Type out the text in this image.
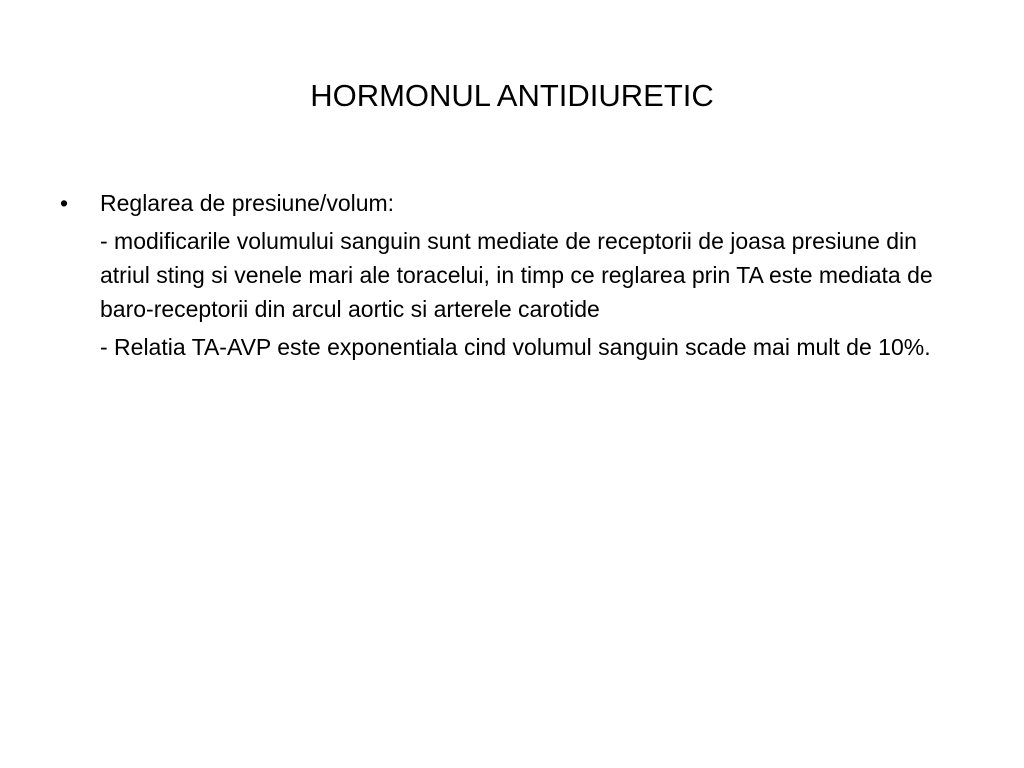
HORMONUL ANTIDIURETIC
•	Reglarea de presiune/volum:

- modificarile volumului sanguin sunt mediate de receptorii de joasa presiune din atriul sting si venele mari ale toracelui, in timp ce reglarea prin TA este mediata de baro-receptorii din arcul aortic si arterele carotide

- Relatia TA-AVP este exponentiala cind volumul sanguin scade mai mult de 10%.
